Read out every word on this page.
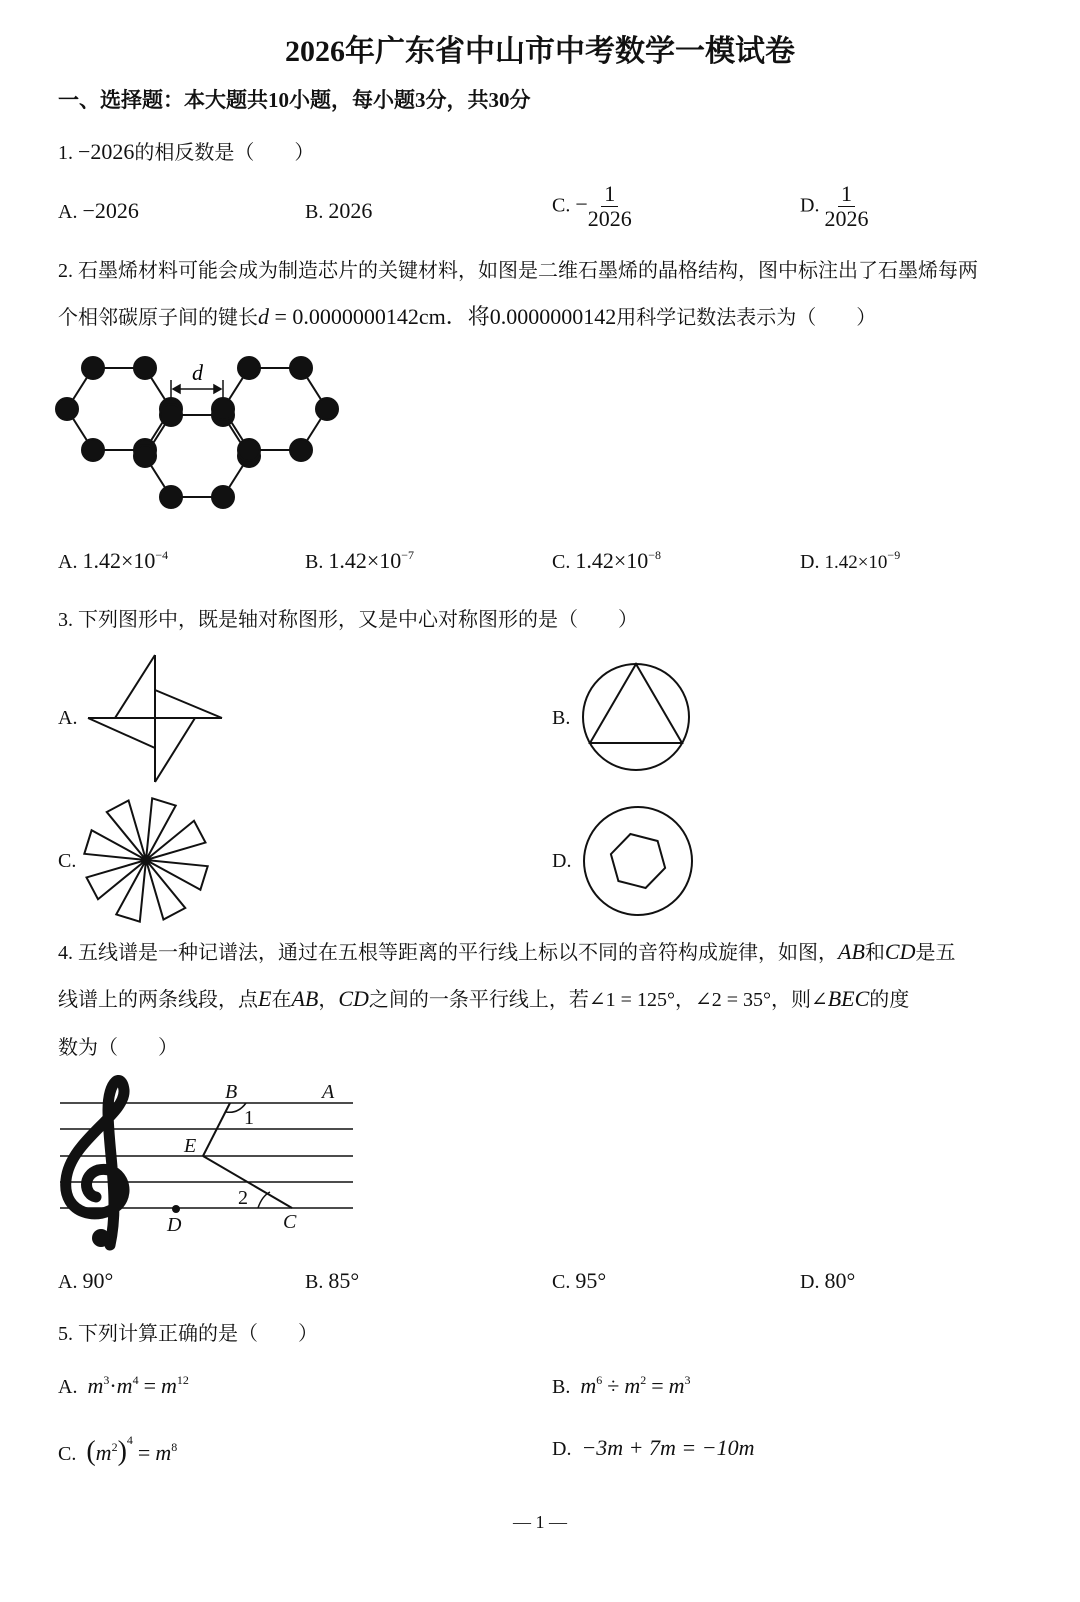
2026年广东省中山市中考数学一模试卷
一、选择题：本大题共10小题，每小题3分，共30分
1. −2026的相反数是（　　）
A. −2026	B. 2026	C. − $\frac{1}{2026}$	D. $\frac{1}{2026}$
2. 石墨烯材料可能会成为制造芯片的关键材料，如图是二维石墨烯的晶格结构，图中标注出了石墨烯每两
个相邻碳原子间的键长d = 0.0000000142cm．将0.0000000142用科学记数法表示为（　　）
d
B	A
1
E
2
D	C
A. $1.42\times 10^{-4}$	B. $1.42\times 10^{-7}$	C. $1.42\times 10^{-8}$	D. $1.42\times 10^{-9}$
3. 下列图形中，既是轴对称图形，又是中心对称图形的是（　　）
A.	B.
C.	D.
4. 五线谱是一种记谱法，通过在五根等距离的平行线上标以不同的音符构成旋律，如图，AB和CD是五
线谱上的两条线段，点E在AB，CD之间的一条平行线上，若∠1 = 125°，∠2 = 35°，则∠BEC的度
数为（　　）
A. 90°	B. 85°	C. 95°	D. 80°
5. 下列计算正确的是（　　）
A. $m^3\cdot m^4 = m^{12}$	B. $m^6 \div m^2 = m^3$
C. $(m^2)^4 = m^8$	D. −3m + 7m = −10m
— 1 —
